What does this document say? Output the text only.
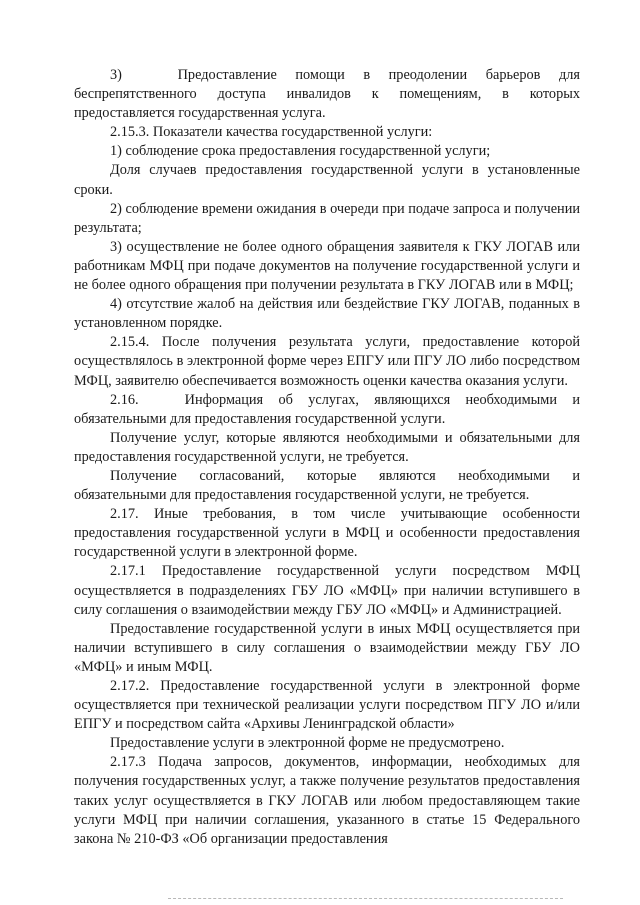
3)   Предоставление помощи в преодолении барьеров для беспрепятственного доступа инвалидов к помещениям, в которых предоставляется государственная услуга.

2.15.3. Показатели качества государственной услуги:

1) соблюдение срока предоставления государственной услуги;

Доля случаев предоставления государственной услуги в установленные сроки.

2) соблюдение времени ожидания в очереди при подаче запроса и получении результата;

3) осуществление не более одного обращения заявителя к ГКУ ЛОГАВ или работникам МФЦ при подаче документов на получение государственной услуги и не более одного обращения при получении результата в ГКУ ЛОГАВ или в МФЦ;

4) отсутствие жалоб на действия или бездействие ГКУ ЛОГАВ, поданных в установленном порядке.

2.15.4. После получения результата услуги, предоставление которой осуществлялось в электронной форме через ЕПГУ или ПГУ ЛО либо посредством МФЦ, заявителю обеспечивается возможность оценки качества оказания услуги.

2.16.   Информация об услугах, являющихся необходимыми и обязательными для предоставления государственной услуги.

Получение услуг, которые являются необходимыми и обязательными для предоставления государственной услуги, не требуется.

Получение согласований, которые являются необходимыми и обязательными для предоставления государственной услуги, не требуется.

2.17. Иные требования, в том числе учитывающие особенности предоставления государственной услуги в МФЦ и особенности предоставления государственной услуги в электронной форме.

2.17.1 Предоставление государственной услуги посредством МФЦ осуществляется в подразделениях ГБУ ЛО «МФЦ» при наличии вступившего в силу соглашения о взаимодействии между ГБУ ЛО «МФЦ» и Администрацией.

Предоставление государственной услуги в иных МФЦ осуществляется при наличии вступившего в силу соглашения о взаимодействии между ГБУ ЛО «МФЦ» и иным МФЦ.

2.17.2. Предоставление государственной услуги в электронной форме осуществляется при технической реализации услуги посредством ПГУ ЛО и/или ЕПГУ и посредством сайта «Архивы Ленинградской области»

Предоставление услуги в электронной форме не предусмотрено.

2.17.3 Подача запросов, документов, информации, необходимых для получения государственных услуг, а также получение результатов предоставления таких услуг осуществляется в ГКУ ЛОГАВ или любом предоставляющем такие услуги МФЦ при наличии соглашения, указанного в статье 15 Федерального закона № 210-ФЗ «Об организации предоставления
